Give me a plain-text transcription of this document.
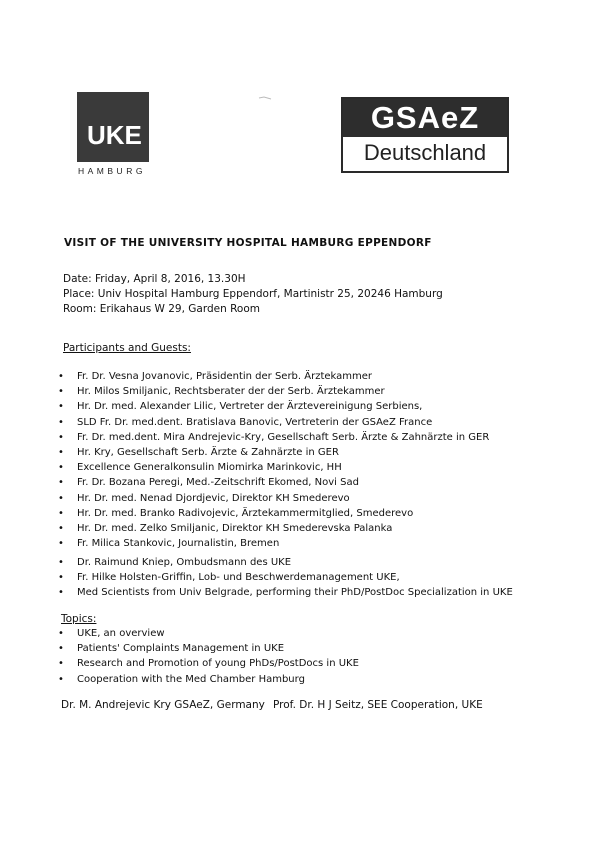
UKE
HAMBURG
GSAeZ
Deutschland
VISIT OF THE UNIVERSITY HOSPITAL HAMBURG EPPENDORF
Date: Friday, April 8, 2016, 13.30H
Place: Univ Hospital Hamburg Eppendorf, Martinistr 25, 20246 Hamburg
Room: Erikahaus W 29, Garden Room
Participants and Guests:
• Fr. Dr. Vesna Jovanovic, Präsidentin der Serb. Ärztekammer
• Hr. Milos Smiljanic, Rechtsberater der der Serb. Ärztekammer
• Hr. Dr. med. Alexander Lilic, Vertreter der Ärztevereinigung Serbiens,
• SLD Fr. Dr. med.dent. Bratislava Banovic, Vertreterin der GSAeZ France
• Fr. Dr. med.dent. Mira Andrejevic-Kry, Gesellschaft Serb. Ärzte & Zahnärzte in GER
• Hr. Kry, Gesellschaft Serb. Ärzte & Zahnärzte in GER
• Excellence Generalkonsulin Miomirka Marinkovic, HH
• Fr. Dr. Bozana Peregi, Med.-Zeitschrift Ekomed, Novi Sad
• Hr. Dr. med. Nenad Djordjevic, Direktor KH Smederevo
• Hr. Dr. med. Branko Radivojevic, Ärztekammermitglied, Smederevo
• Hr. Dr. med. Zelko Smiljanic, Direktor KH Smederevska Palanka
• Fr. Milica Stankovic, Journalistin, Bremen
• Dr. Raimund Kniep, Ombudsmann des UKE
• Fr. Hilke Holsten-Griffin, Lob- und Beschwerdemanagement UKE,
• Med Scientists from Univ Belgrade, performing their PhD/PostDoc Specialization in UKE
Topics:
• UKE, an overview
• Patients' Complaints Management in UKE
• Research and Promotion of young PhDs/PostDocs in UKE
• Cooperation with the Med Chamber Hamburg
Dr. M. Andrejevic Kry GSAeZ, Germany Prof. Dr. H J Seitz, SEE Cooperation, UKE
